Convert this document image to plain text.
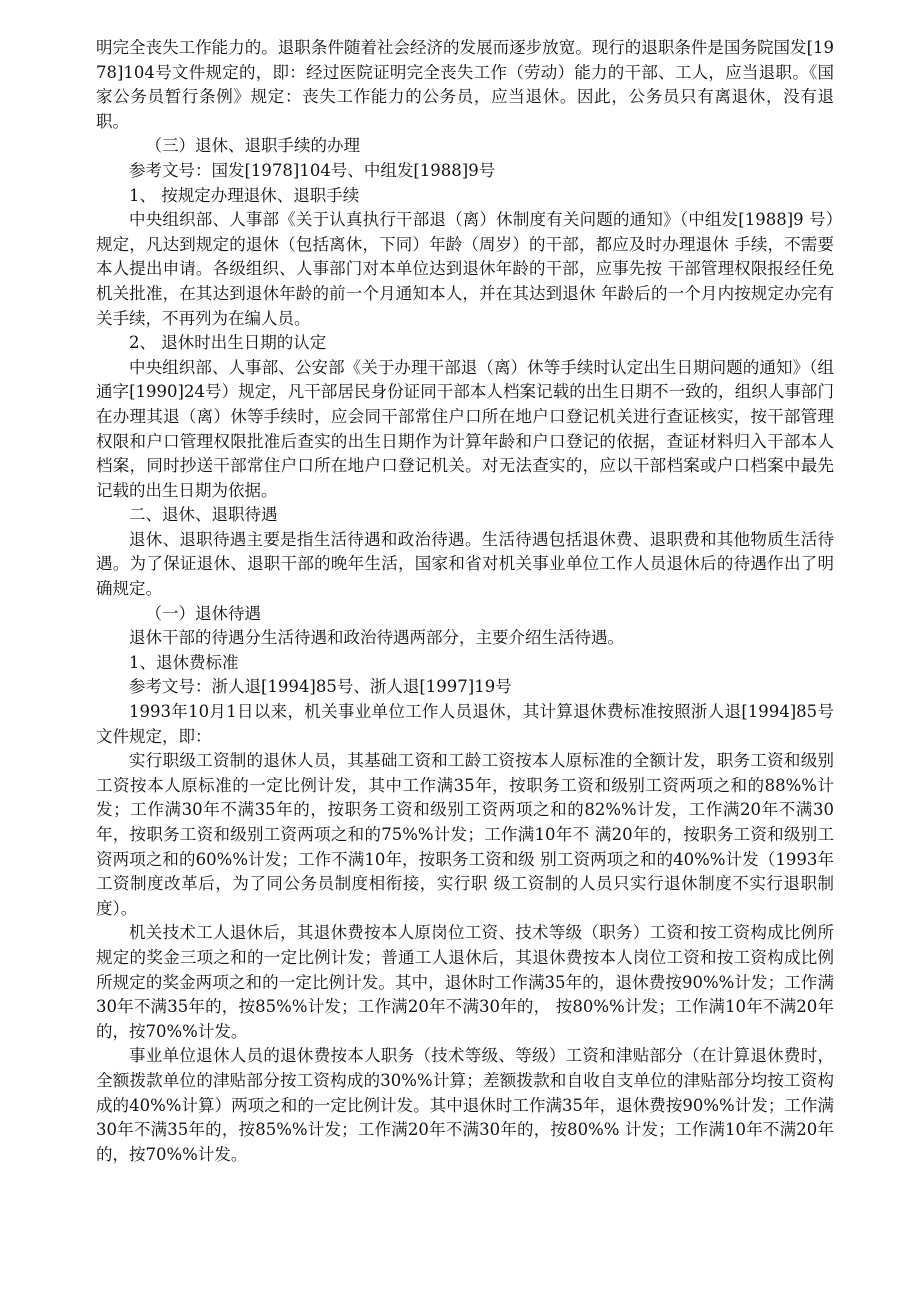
明完全丧失工作能力的。退职条件随着社会经济的发展而逐步放宽。现行的退职条件是国务院国发[1978]104号文件规定的，即：经过医院证明完全丧失工作（劳动）能力的干部、工人，应当退职。《国家公务员暂行条例》规定：丧失工作能力的公务员，应当退休。因此，公务员只有离退休，没有退职。

（三）退休、退职手续的办理

参考文号：国发[1978]104号、中组发[1988]9号

1、 按规定办理退休、退职手续

中央组织部、人事部《关于认真执行干部退（离）休制度有关问题的通知》（中组发[1988]9 号）规定，凡达到规定的退休（包括离休，下同）年龄（周岁）的干部，都应及时办理退休 手续，不需要本人提出申请。各级组织、人事部门对本单位达到退休年龄的干部，应事先按 干部管理权限报经任免机关批准，在其达到退休年龄的前一个月通知本人，并在其达到退休 年龄后的一个月内按规定办完有关手续，不再列为在编人员。

2、 退休时出生日期的认定

中央组织部、人事部、公安部《关于办理干部退（离）休等手续时认定出生日期问题的通知》（组通字[1990]24号）规定，凡干部居民身份证同干部本人档案记载的出生日期不一致的，组织人事部门在办理其退（离）休等手续时，应会同干部常住户口所在地户口登记机关进行查证核实，按干部管理权限和户口管理权限批准后查实的出生日期作为计算年龄和户口登记的依据，查证材料归入干部本人档案，同时抄送干部常住户口所在地户口登记机关。对无法查实的，应以干部档案或户口档案中最先记载的出生日期为依据。

二、退休、退职待遇

退休、退职待遇主要是指生活待遇和政治待遇。生活待遇包括退休费、退职费和其他物质生活待遇。为了保证退休、退职干部的晚年生活，国家和省对机关事业单位工作人员退休后的待遇作出了明确规定。

（一）退休待遇

退休干部的待遇分生活待遇和政治待遇两部分，主要介绍生活待遇。

1、退休费标准

参考文号：浙人退[1994]85号、浙人退[1997]19号

1993年10月1日以来，机关事业单位工作人员退休，其计算退休费标准按照浙人退[1994]85号文件规定，即：

实行职级工资制的退休人员，其基础工资和工龄工资按本人原标准的全额计发，职务工资和级别工资按本人原标准的一定比例计发，其中工作满35年，按职务工资和级别工资两项之和的88%%计发；工作满30年不满35年的，按职务工资和级别工资两项之和的82%%计发，工作满20年不满30年，按职务工资和级别工资两项之和的75%%计发；工作满10年不 满20年的，按职务工资和级别工资两项之和的60%%计发；工作不满10年，按职务工资和级 别工资两项之和的40%%计发（1993年工资制度改革后，为了同公务员制度相衔接，实行职 级工资制的人员只实行退休制度不实行退职制度）。

机关技术工人退休后，其退休费按本人原岗位工资、技术等级（职务）工资和按工资构成比例所规定的奖金三项之和的一定比例计发；普通工人退休后，其退休费按本人岗位工资和按工资构成比例所规定的奖金两项之和的一定比例计发。其中，退休时工作满35年的，退休费按90%%计发；工作满30年不满35年的，按85%%计发；工作满20年不满30年的， 按80%%计发；工作满10年不满20年的，按70%%计发。

事业单位退休人员的退休费按本人职务（技术等级、等级）工资和津贴部分（在计算退休费时，全额拨款单位的津贴部分按工资构成的30%%计算；差额拨款和自收自支单位的津贴部分均按工资构成的40%%计算）两项之和的一定比例计发。其中退休时工作满35年，退休费按90%%计发；工作满30年不满35年的，按85%%计发；工作满20年不满30年的，按80%% 计发；工作满10年不满20年的，按70%%计发。
